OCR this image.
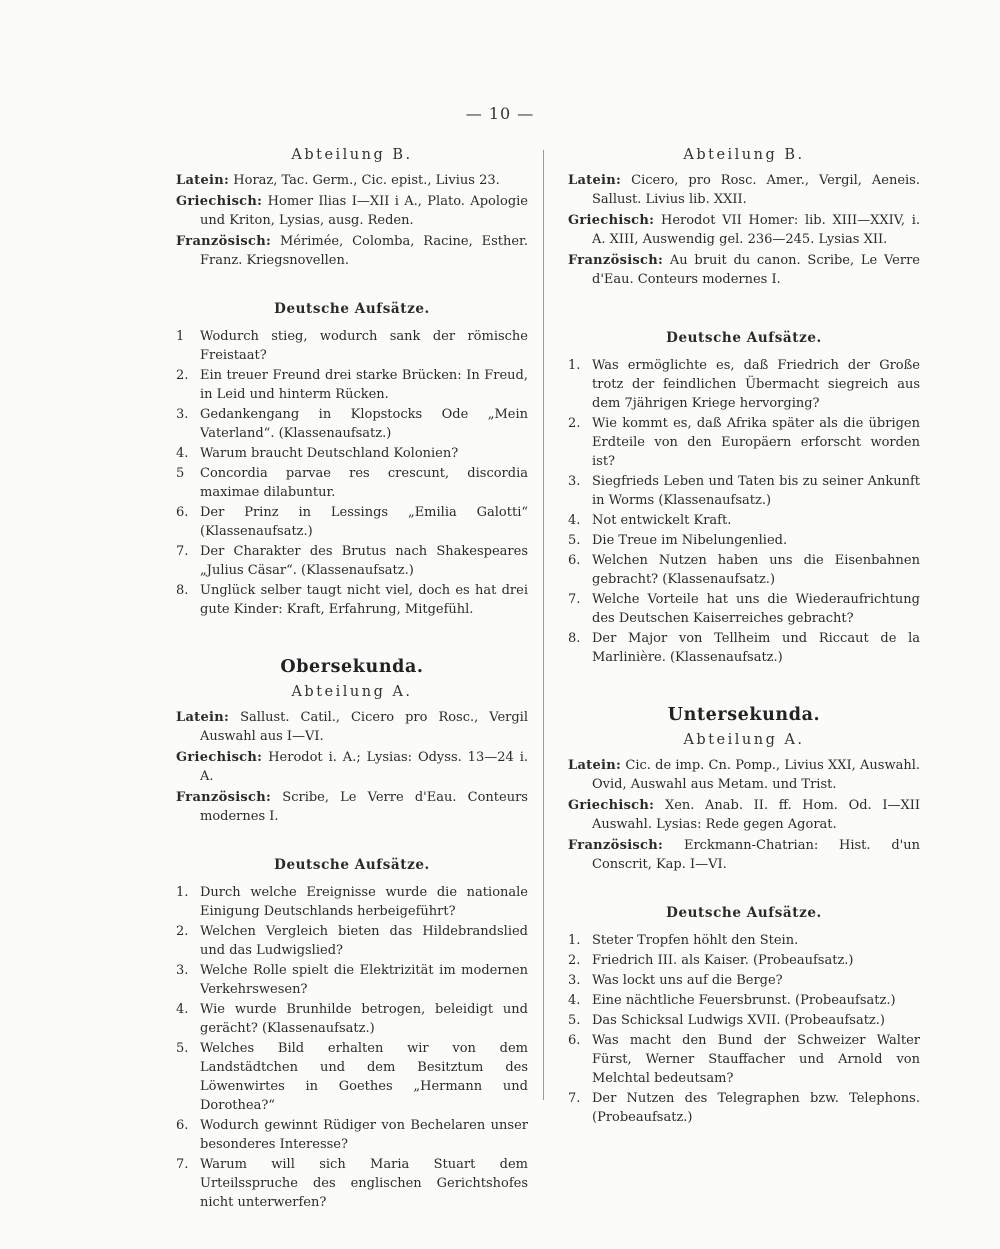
— 10 —

Abteilung B.

Latein: Horaz, Tac. Germ., Cic. epist., Livius 23.

Griechisch: Homer Ilias I—XII i A., Plato. Apologie und Kriton, Lysias, ausg. Reden.

Französisch: Mérimée, Colomba, Racine, Esther. Franz. Kriegsnovellen.

Deutsche Aufsätze.

1	Wodurch stieg, wodurch sank der römische Freistaat?
2. Ein treuer Freund drei starke Brücken: In Freud, in Leid und hinterm Rücken.
3. Gedankengang in Klopstocks Ode „Mein Vaterland“. (Klassenaufsatz.)
4. Warum braucht Deutschland Kolonien?
5	Concordia parvae res crescunt, discordia maximae dilabuntur.
6. Der Prinz in Lessings „Emilia Galotti“ (Klassenaufsatz.)
7. Der Charakter des Brutus nach Shakespeares „Julius Cäsar“. (Klassenaufsatz.)
8. Unglück selber taugt nicht viel, doch es hat drei gute Kinder: Kraft, Erfahrung, Mitgefühl.

Obersekunda.

Abteilung A.

Latein: Sallust. Catil., Cicero pro Rosc., Vergil Auswahl aus I—VI.

Griechisch: Herodot i. A.; Lysias: Odyss. 13—24 i. A.

Französisch: Scribe, Le Verre d'Eau. Conteurs modernes I.

Deutsche Aufsätze.

1. Durch welche Ereignisse wurde die nationale Einigung Deutschlands herbeigeführt?
2. Welchen Vergleich bieten das Hildebrandslied und das Ludwigslied?
3. Welche Rolle spielt die Elektrizität im modernen Verkehrswesen?
4. Wie wurde Brunhilde betrogen, beleidigt und gerächt? (Klassenaufsatz.)
5. Welches Bild erhalten wir von dem Landstädtchen und dem Besitztum des Löwenwirtes in Goethes „Hermann und Dorothea?“
6. Wodurch gewinnt Rüdiger von Bechelaren unser besonderes Interesse?
7. Warum will sich Maria Stuart dem Urteilsspruche des englischen Gerichtshofes nicht unterwerfen?

Abteilung B.

Latein: Cicero, pro Rosc. Amer., Vergil, Aeneis. Sallust. Livius lib. XXII.

Griechisch: Herodot VII Homer: lib. XIII—XXIV, i. A. XIII, Auswendig gel. 236—245. Lysias XII.

Französisch: Au bruit du canon. Scribe, Le Verre d'Eau. Conteurs modernes I.

Deutsche Aufsätze.

1. Was ermöglichte es, daß Friedrich der Große trotz der feindlichen Übermacht siegreich aus dem 7jährigen Kriege hervorging?
2. Wie kommt es, daß Afrika später als die übrigen Erdteile von den Europäern erforscht worden ist?
3. Siegfrieds Leben und Taten bis zu seiner Ankunft in Worms (Klassenaufsatz.)
4. Not entwickelt Kraft.
5. Die Treue im Nibelungenlied.
6. Welchen Nutzen haben uns die Eisenbahnen gebracht? (Klassenaufsatz.)
7. Welche Vorteile hat uns die Wiederaufrichtung des Deutschen Kaiserreiches gebracht?
8. Der Major von Tellheim und Riccaut de la Marlinière. (Klassenaufsatz.)

Untersekunda.

Abteilung A.

Latein: Cic. de imp. Cn. Pomp., Livius XXI, Auswahl. Ovid, Auswahl aus Metam. und Trist.

Griechisch: Xen. Anab. II. ff. Hom. Od. I—XII Auswahl. Lysias: Rede gegen Agorat.

Französisch: Erckmann-Chatrian: Hist. d'un Conscrit, Kap. I—VI.

Deutsche Aufsätze.

1. Steter Tropfen höhlt den Stein.
2. Friedrich III. als Kaiser. (Probeaufsatz.)
3. Was lockt uns auf die Berge?
4. Eine nächtliche Feuersbrunst. (Probeaufsatz.)
5. Das Schicksal Ludwigs XVII. (Probeaufsatz.)
6. Was macht den Bund der Schweizer Walter Fürst, Werner Stauffacher und Arnold von Melchtal bedeutsam?
7. Der Nutzen des Telegraphen bzw. Telephons. (Probeaufsatz.)
